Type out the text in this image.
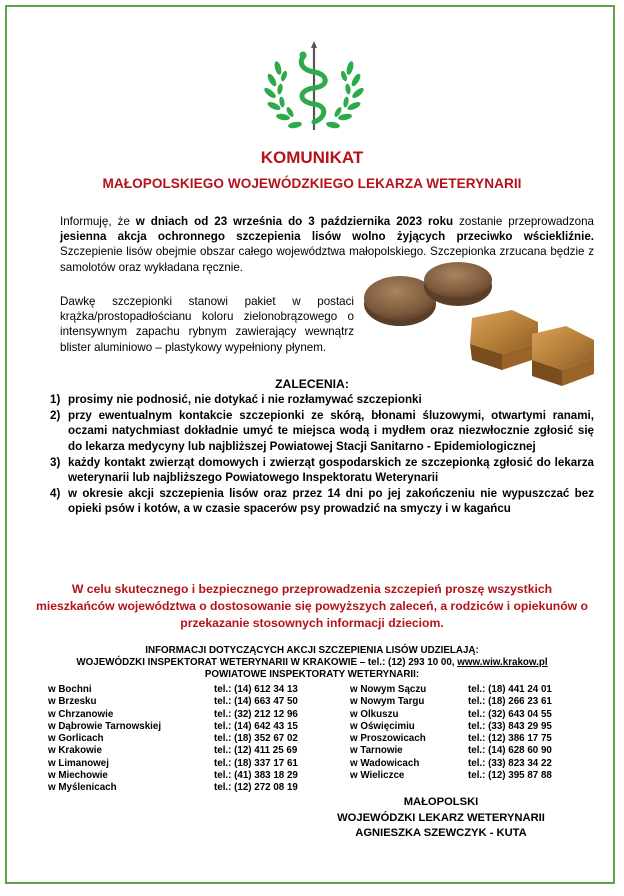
KOMUNIKAT
MAŁOPOLSKIEGO WOJEWÓDZKIEGO LEKARZA WETERYNARII
Informuję, że w dniach od 23 września do 3 października 2023 roku zostanie przeprowadzona jesienna akcja ochronnego szczepienia lisów wolno żyjących przeciwko wściekliźnie. Szczepienie lisów obejmie obszar całego województwa małopolskiego. Szczepionka zrzucana będzie z samolotów oraz wykładana ręcznie.
Dawkę szczepionki stanowi pakiet w postaci krążka/prostopadłościanu koloru zielonobrązowego o intensywnym zapachu rybnym zawierający wewnątrz blister aluminiowo – plastykowy wypełniony płynem.
ZALECENIA:
1) prosimy nie podnosić, nie dotykać i nie rozłamywać szczepionki
2) przy ewentualnym kontakcie szczepionki ze skórą, błonami śluzowymi, otwartymi ranami, oczami natychmiast dokładnie umyć te miejsca wodą i mydłem oraz niezwłocznie zgłosić się do lekarza medycyny lub najbliższej Powiatowej Stacji Sanitarno - Epidemiologicznej
3) każdy kontakt zwierząt domowych i zwierząt gospodarskich ze szczepionką zgłosić do lekarza weterynarii lub najbliższego Powiatowego Inspektoratu Weterynarii
4) w okresie akcji szczepienia lisów oraz przez 14 dni po jej zakończeniu nie wypuszczać bez opieki psów i kotów, a w czasie spacerów psy prowadzić na smyczy i w kagańcu
W celu skutecznego i bezpiecznego przeprowadzenia szczepień proszę wszystkich mieszkańców województwa o dostosowanie się powyższych zaleceń, a rodziców i opiekunów o przekazanie stosownych informacji dzieciom.
INFORMACJI DOTYCZĄCYCH AKCJI SZCZEPIENIA LISÓW UDZIELAJĄ:
WOJEWÓDZKI INSPEKTORAT WETERYNARII W KRAKOWIE – tel.: (12) 293 10 00, www.wiw.krakow.pl
POWIATOWE INSPEKTORATY WETERYNARII:
w Bochni
w Brzesku
w Chrzanowie
w Dąbrowie Tarnowskiej
w Gorlicach
w Krakowie
w Limanowej
w Miechowie
w Myślenicach
tel.: (14) 612 34 13
tel.: (14) 663 47 50
tel.: (32) 212 12 96
tel.: (14) 642 43 15
tel.: (18) 352 67 02
tel.: (12) 411 25 69
tel.: (18) 337 17 61
tel.: (41) 383 18 29
tel.: (12) 272 08 19
w Nowym Sączu
w Nowym Targu
w Olkuszu
w Oświęcimiu
w Proszowicach
w Tarnowie
w Wadowicach
w Wieliczce
tel.: (18) 441 24 01
tel.: (18) 266 23 61
tel.: (32) 643 04 55
tel.: (33) 843 29 95
tel.: (12) 386 17 75
tel.: (14) 628 60 90
tel.: (33) 823 34 22
tel.: (12) 395 87 88
MAŁOPOLSKI
WOJEWÓDZKI LEKARZ WETERYNARII
AGNIESZKA SZEWCZYK - KUTA
